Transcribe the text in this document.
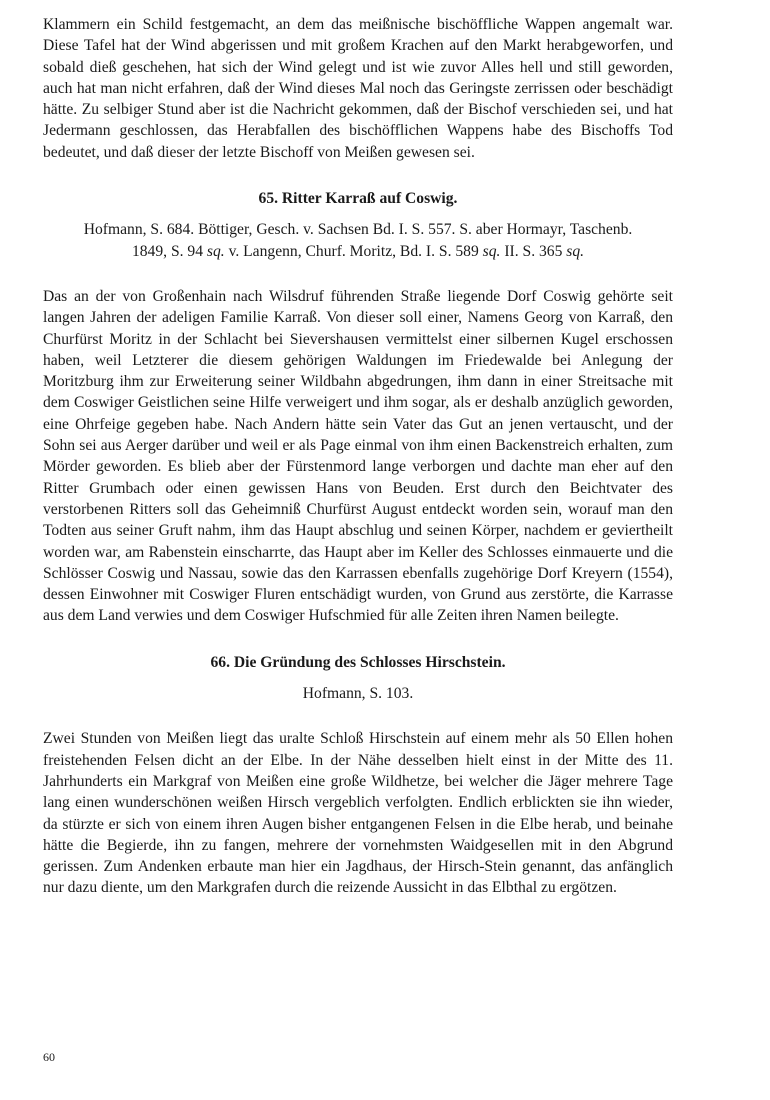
Klammern ein Schild festgemacht, an dem das meißnische bischöffliche Wappen angemalt war. Diese Tafel hat der Wind abgerissen und mit großem Krachen auf den Markt herabgeworfen, und sobald dieß geschehen, hat sich der Wind gelegt und ist wie zuvor Alles hell und still geworden, auch hat man nicht erfahren, daß der Wind dieses Mal noch das Geringste zerrissen oder beschädigt hätte. Zu selbiger Stund aber ist die Nachricht gekommen, daß der Bischof verschieden sei, und hat Jedermann geschlossen, das Herabfallen des bischöfflichen Wappens habe des Bischoffs Tod bedeutet, und daß dieser der letzte Bischoff von Meißen gewesen sei.

65. Ritter Karraß auf Coswig.
Hofmann, S. 684. Böttiger, Gesch. v. Sachsen Bd. I. S. 557. S. aber Hormayr, Taschenb.
1849, S. 94 sq. v. Langenn, Churf. Moritz, Bd. I. S. 589 sq. II. S. 365 sq.

Das an der von Großenhain nach Wilsdruf führenden Straße liegende Dorf Coswig gehörte seit langen Jahren der adeligen Familie Karraß. Von dieser soll einer, Namens Georg von Karraß, den Churfürst Moritz in der Schlacht bei Sievershausen vermittelst einer silbernen Kugel erschossen haben, weil Letzterer die diesem gehörigen Waldungen im Friedewalde bei Anlegung der Moritzburg ihm zur Erweiterung seiner Wildbahn abgedrungen, ihm dann in einer Streitsache mit dem Coswiger Geistlichen seine Hilfe verweigert und ihm sogar, als er deshalb anzüglich geworden, eine Ohrfeige gegeben habe. Nach Andern hätte sein Vater das Gut an jenen vertauscht, und der Sohn sei aus Aerger darüber und weil er als Page einmal von ihm einen Backenstreich erhalten, zum Mörder geworden. Es blieb aber der Fürstenmord lange verborgen und dachte man eher auf den Ritter Grumbach oder einen gewissen Hans von Beuden. Erst durch den Beichtvater des verstorbenen Ritters soll das Geheimniß Churfürst August entdeckt worden sein, worauf man den Todten aus seiner Gruft nahm, ihm das Haupt abschlug und seinen Körper, nachdem er geviertheilt worden war, am Rabenstein einscharrte, das Haupt aber im Keller des Schlosses einmauerte und die Schlösser Coswig und Nassau, sowie das den Karrassen ebenfalls zugehörige Dorf Kreyern (1554), dessen Einwohner mit Coswiger Fluren entschädigt wurden, von Grund aus zerstörte, die Karrasse aus dem Land verwies und dem Coswiger Hufschmied für alle Zeiten ihren Namen beilegte.

66. Die Gründung des Schlosses Hirschstein.
Hofmann, S. 103.

Zwei Stunden von Meißen liegt das uralte Schloß Hirschstein auf einem mehr als 50 Ellen hohen freistehenden Felsen dicht an der Elbe. In der Nähe desselben hielt einst in der Mitte des 11. Jahrhunderts ein Markgraf von Meißen eine große Wildhetze, bei welcher die Jäger mehrere Tage lang einen wunderschönen weißen Hirsch vergeblich verfolgten. Endlich erblickten sie ihn wieder, da stürzte er sich von einem ihren Augen bisher entgangenen Felsen in die Elbe herab, und beinahe hätte die Begierde, ihn zu fangen, mehrere der vornehmsten Waidgesellen mit in den Abgrund gerissen. Zum Andenken erbaute man hier ein Jagdhaus, der Hirsch-Stein genannt, das anfänglich nur dazu diente, um den Markgrafen durch die reizende Aussicht in das Elbthal zu ergötzen.

60
